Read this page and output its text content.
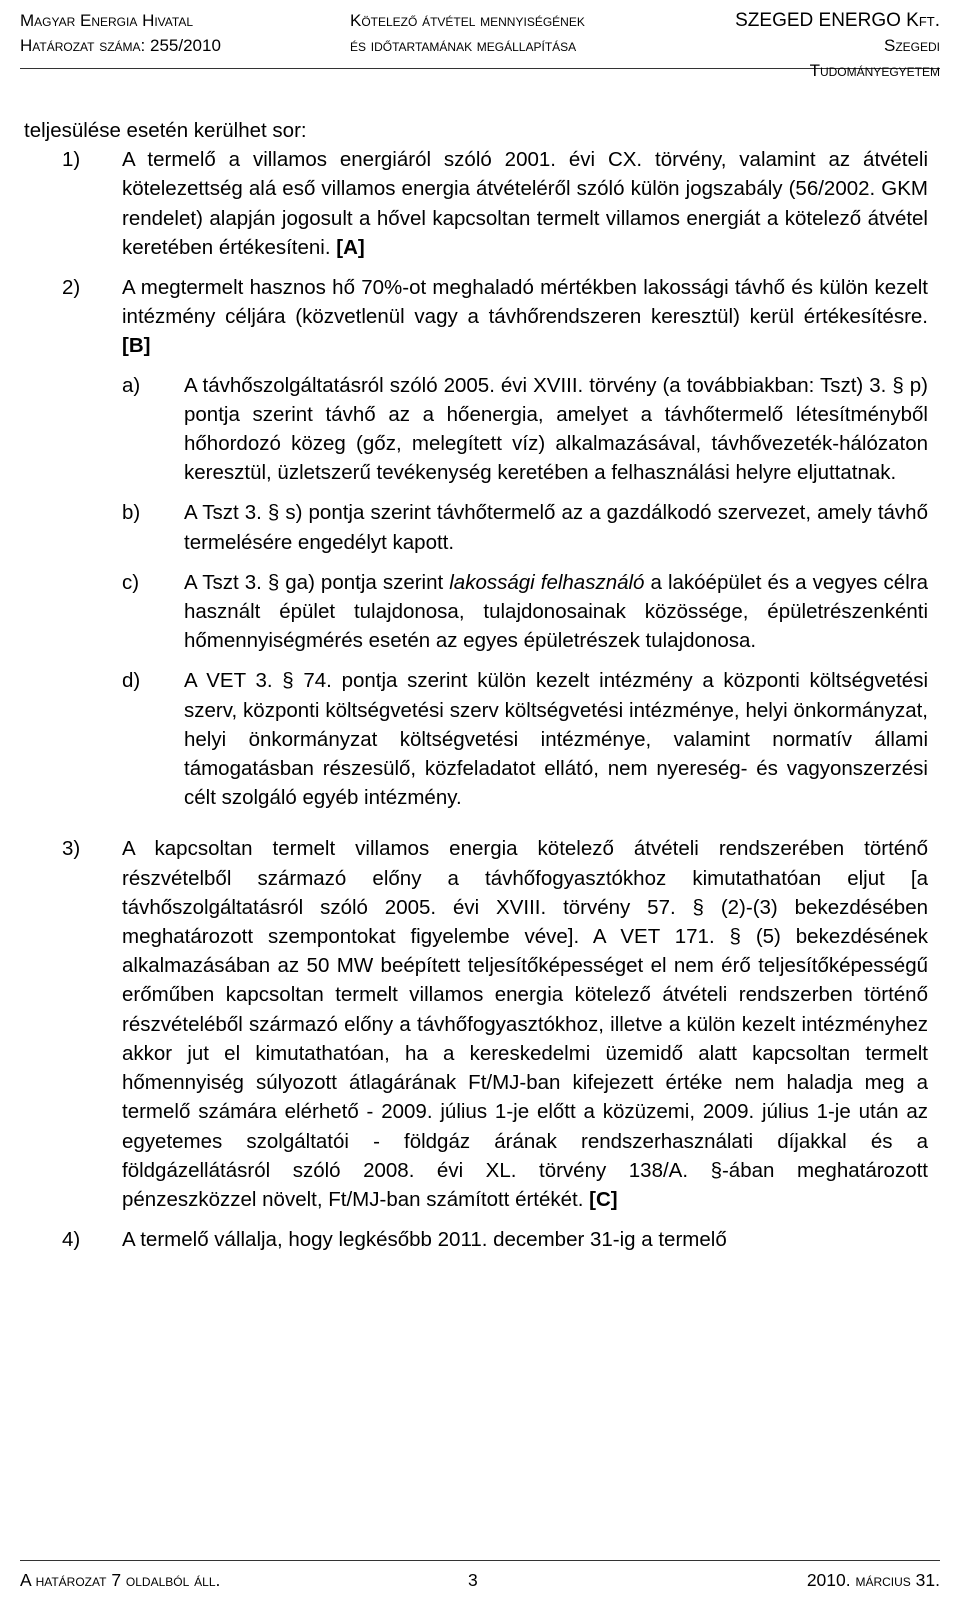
Magyar Energia Hivatal
Határozat száma: 255/2010
Kötelező átvétel mennyiségének
és időtartamának megállapítása
SZEGED ENERGO Kft.
Szegedi
Tudományegyetem

teljesülése esetén kerülhet sor:

1)	A termelő a villamos energiáról szóló 2001. évi CX. törvény, valamint az átvételi kötelezettség alá eső villamos energia átvételéről szóló külön jogszabály (56/2002. GKM rendelet) alapján jogosult a hővel kapcsoltan termelt villamos energiát a kötelező átvétel keretében értékesíteni. [A]
2)	A megtermelt hasznos hő 70%-ot meghaladó mértékben lakossági távhő és külön kezelt intézmény céljára (közvetlenül vagy a távhőrendszeren keresztül) kerül értékesítésre. [B]
a)	A távhőszolgáltatásról szóló 2005. évi XVIII. törvény (a továbbiakban: Tszt) 3. § p) pontja szerint távhő az a hőenergia, amelyet a távhőtermelő létesítményből hőhordozó közeg (gőz, melegített víz) alkalmazásával, távhővezeték-hálózaton keresztül, üzletszerű tevékenység keretében a felhasználási helyre eljuttatnak.
b)	A Tszt 3. § s) pontja szerint távhőtermelő az a gazdálkodó szervezet, amely távhő termelésére engedélyt kapott.
c)	A Tszt 3. § ga) pontja szerint lakossági felhasználó a lakóépület és a vegyes célra használt épület tulajdonosa, tulajdonosainak közössége, épületrészenkénti hőmennyiségmérés esetén az egyes épületrészek tulajdonosa.
d)	A VET 3. § 74. pontja szerint külön kezelt intézmény a központi költségvetési szerv, központi költségvetési szerv költségvetési intézménye, helyi önkormányzat, helyi önkormányzat költségvetési intézménye, valamint normatív állami támogatásban részesülő, közfeladatot ellátó, nem nyereség- és vagyonszerzési célt szolgáló egyéb intézmény.
3)	A kapcsoltan termelt villamos energia kötelező átvételi rendszerében történő részvételből származó előny a távhőfogyasztókhoz kimutathatóan eljut [a távhőszolgáltatásról szóló 2005. évi XVIII. törvény 57. § (2)-(3) bekezdésében meghatározott szempontokat figyelembe véve]. A VET 171. § (5) bekezdésének alkalmazásában az 50 MW beépített teljesítőképességet el nem érő teljesítőképességű erőműben kapcsoltan termelt villamos energia kötelező átvételi rendszerben történő részvételéből származó előny a távhőfogyasztókhoz, illetve a külön kezelt intézményhez akkor jut el kimutathatóan, ha a kereskedelmi üzemidő alatt kapcsoltan termelt hőmennyiség súlyozott átlagárának Ft/MJ-ban kifejezett értéke nem haladja meg a termelő számára elérhető - 2009. július 1-je előtt a közüzemi, 2009. július 1-je után az egyetemes szolgáltatói - földgáz árának rendszerhasználati díjakkal és a földgázellátásról szóló 2008. évi XL. törvény 138/A. §-ában meghatározott pénzeszközzel növelt, Ft/MJ-ban számított értékét. [C]
4)	A termelő vállalja, hogy legkésőbb 2011. december 31-ig a termelő
A határozat 7 oldalból áll.	3	2010. március 31.
